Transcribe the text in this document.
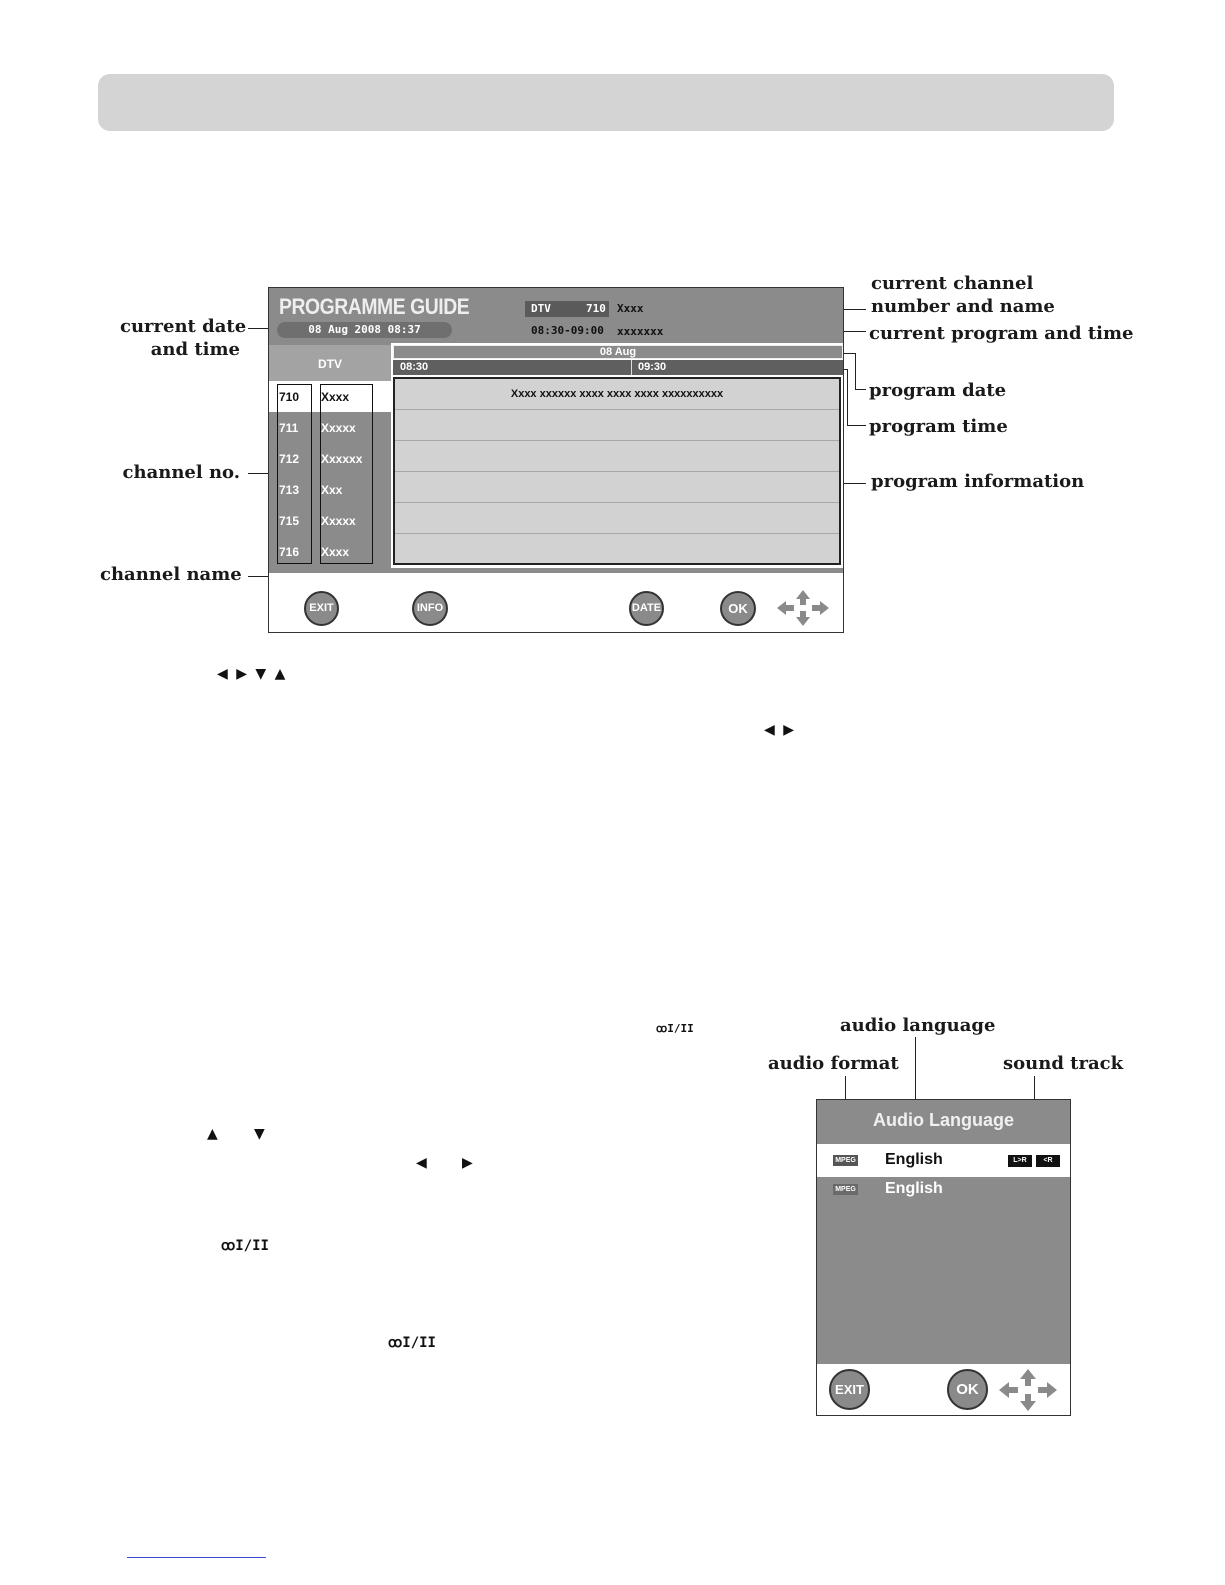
current date
and time
current channel
number and name
current program and time
program date
program time
program information
channel no.
channel name
PROGRAMME GUIDE
08 Aug 2008 08:37
DTV	710 Xxxx
08:30-09:00 xxxxxxx
DTV
08 Aug
08:30	09:30
710 Xxxx
711 Xxxxx
712 Xxxxxx
713 Xxx
715 Xxxxx
716 Xxxx
Xxxx xxxxxx xxxx xxxx xxxx xxxxxxxxxx
EXIT	INFO	DATE	OK
◀ ▶ ▼ ▲
◀ ▶
ꝏI/II	audio language
audio format	sound track
▲	▼
◀	▶
ꝏI/II
ꝏI/II
Audio Language
MPEG English	L>R	<R
MPEG English
EXIT	OK
